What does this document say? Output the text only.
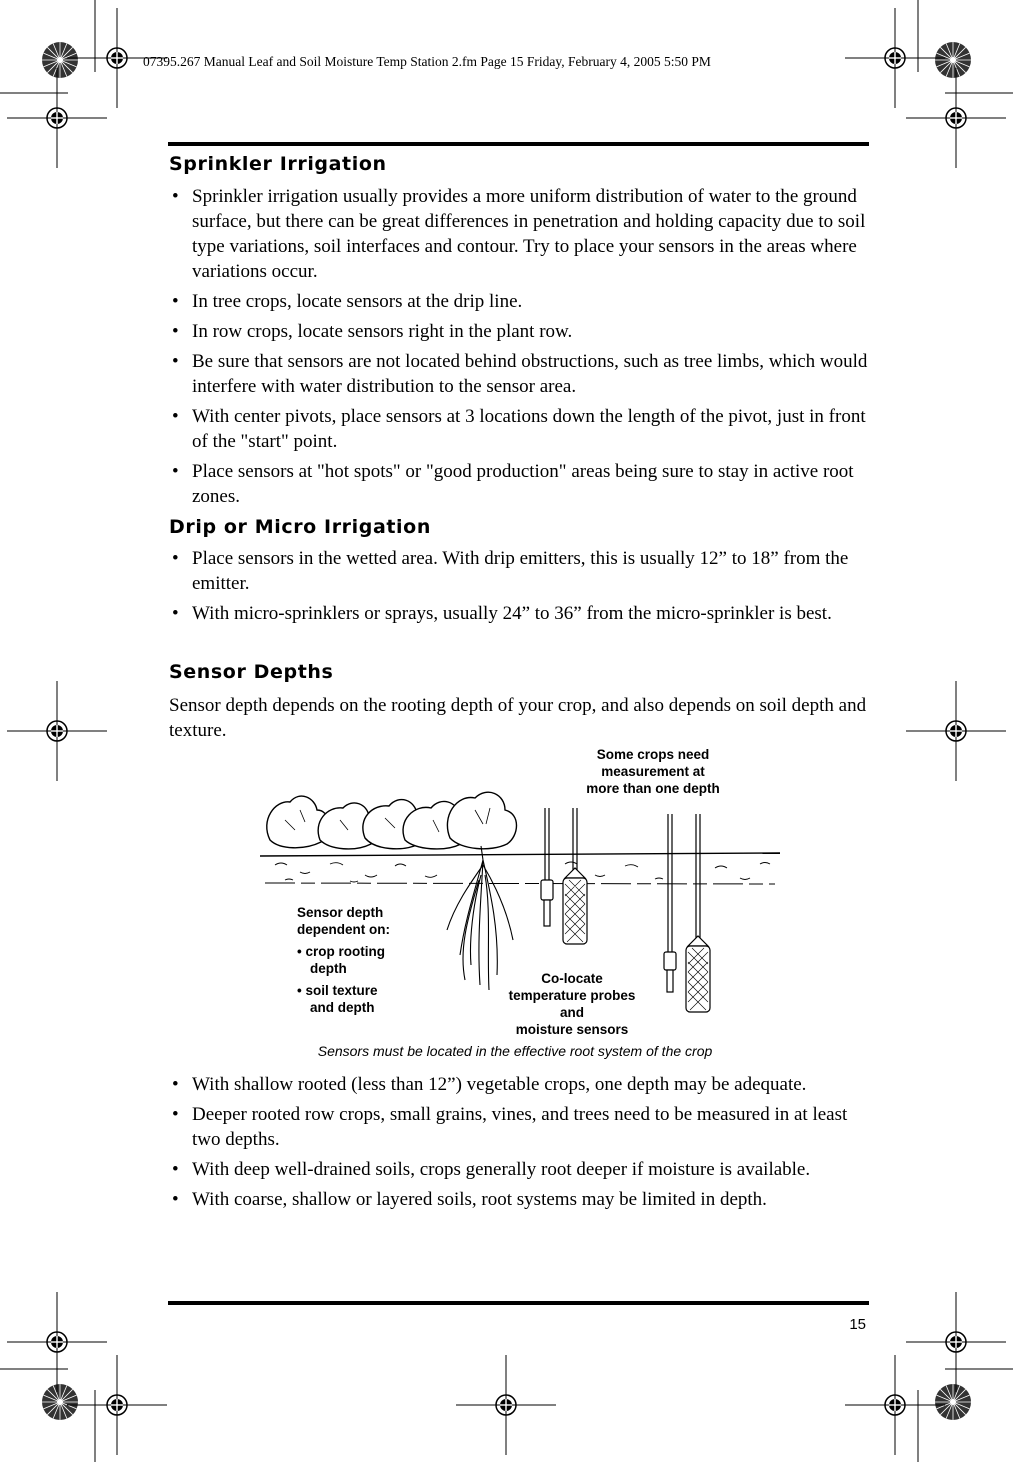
07395.267 Manual Leaf and Soil Moisture Temp Station 2.fm Page 15 Friday, February 4, 2005 5:50 PM
Sprinkler Irrigation
• Sprinkler irrigation usually provides a more uniform distribution of water to the ground surface, but there can be great differences in penetration and holding capacity due to soil type variations, soil interfaces and contour. Try to place your sensors in the areas where variations occur.
• In tree crops, locate sensors at the drip line.
• In row crops, locate sensors right in the plant row.
• Be sure that sensors are not located behind obstructions, such as tree limbs, which would interfere with water distribution to the sensor area.
• With center pivots, place sensors at 3 locations down the length of the pivot, just in front of the "start" point.
• Place sensors at "hot spots" or "good production" areas being sure to stay in active root zones.
Drip or Micro Irrigation
• Place sensors in the wetted area. With drip emitters, this is usually 12” to 18” from the emitter.
• With micro-sprinklers or sprays, usually 24” to 36” from the micro-sprinkler is best.
Sensor Depths

Sensor depth depends on the rooting depth of your crop, and also depends on soil depth and texture.

Some crops need
measurement at
more than one depth
Sensor depth
dependent on:
• crop rooting
depth
• soil texture
and depth
Co-locate
temperature probes
and
moisture sensors
Sensors must be located in the effective root system of the crop
• With shallow rooted (less than 12”) vegetable crops, one depth may be adequate.
• Deeper rooted row crops, small grains, vines, and trees need to be measured in at least two depths.
• With deep well-drained soils, crops generally root deeper if moisture is available.
• With coarse, shallow or layered soils, root systems may be limited in depth.
15
